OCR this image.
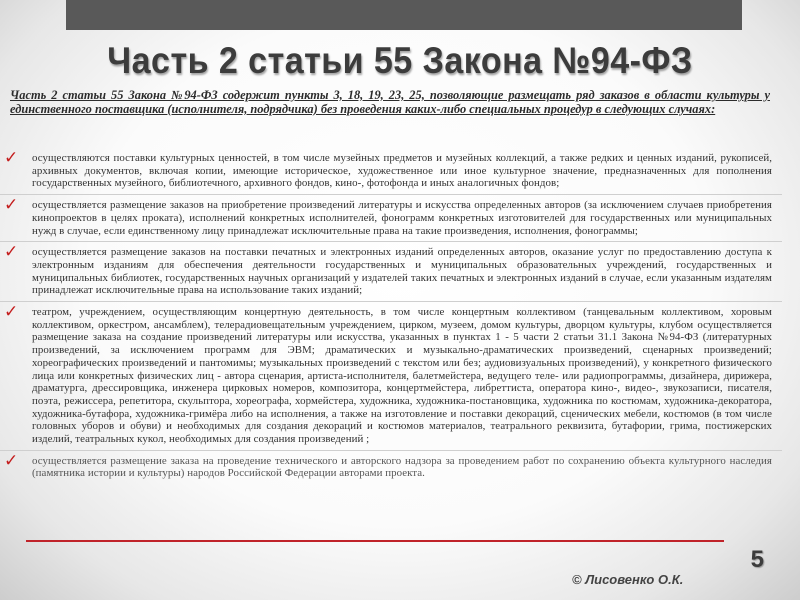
Часть 2 статьи 55 Закона №94-ФЗ
Часть 2 статьи 55 Закона №94-ФЗ содержит пункты 3, 18, 19, 23, 25, позволяющие размещать ряд заказов в области культуры у единственного поставщика (исполнителя, подрядчика) без проведения каких-либо специальных процедур в следующих случаях:
✓ осуществляются поставки культурных ценностей, в том числе музейных предметов и музейных коллекций, а также редких и ценных изданий, рукописей, архивных документов, включая копии, имеющие историческое, художественное или иное культурное значение, предназначенных для пополнения государственных музейного, библиотечного, архивного фондов, кино-, фотофонда и иных аналогичных фондов;
✓ осуществляется размещение заказов на приобретение произведений литературы и искусства определенных авторов (за исключением случаев приобретения кинопроектов в целях проката), исполнений конкретных исполнителей, фонограмм конкретных изготовителей для государственных или муниципальных нужд в случае, если единственному лицу принадлежат исключительные права на такие произведения, исполнения, фонограммы;
✓ осуществляется размещение заказов на поставки печатных и электронных изданий определенных авторов, оказание услуг по предоставлению доступа к электронным изданиям для обеспечения деятельности государственных и муниципальных образовательных учреждений, государственных и муниципальных библиотек, государственных научных организаций у издателей таких печатных и электронных изданий в случае, если указанным издателям принадлежат исключительные права на использование таких изданий;
✓ театром, учреждением, осуществляющим концертную деятельность, в том числе концертным коллективом (танцевальным коллективом, хоровым коллективом, оркестром, ансамблем), телерадиовещательным учреждением, цирком, музеем, домом культуры, дворцом культуры, клубом осуществляется размещение заказа на создание произведений литературы или искусства, указанных в пунктах 1 - 5 части 2 статьи 31.1 Закона №94-ФЗ (литературных произведений, за исключением программ для ЭВМ; драматических и музыкально-драматических произведений, сценарных произведений; хореографических произведений и пантомимы; музыкальных произведений с текстом или без; аудиовизуальных произведений), у конкретного физического лица или конкретных физических лиц - автора сценария, артиста-исполнителя, балетмейстера, ведущего теле- или радиопрограммы, дизайнера, дирижера, драматурга, дрессировщика, инженера цирковых номеров, композитора, концертмейстера, либреттиста, оператора кино-, видео-, звукозаписи, писателя, поэта, режиссера, репетитора, скульптора, хореографа, хормейстера, художника, художника-постановщика, художника по костюмам, художника-декоратора, художника-бутафора, художника-гримёра либо на исполнения, а также на изготовление и поставки декораций, сценических мебели, костюмов (в том числе головных уборов и обуви) и необходимых для создания декораций и костюмов материалов, театрального реквизита, бутафории, грима, постижерских изделий, театральных кукол, необходимых для создания произведений ;
✓ осуществляется размещение заказа на проведение технического и авторского надзора за проведением работ по сохранению объекта культурного наследия (памятника истории и культуры) народов Российской Федерации авторами проекта.
5
© Лисовенко О.К.
